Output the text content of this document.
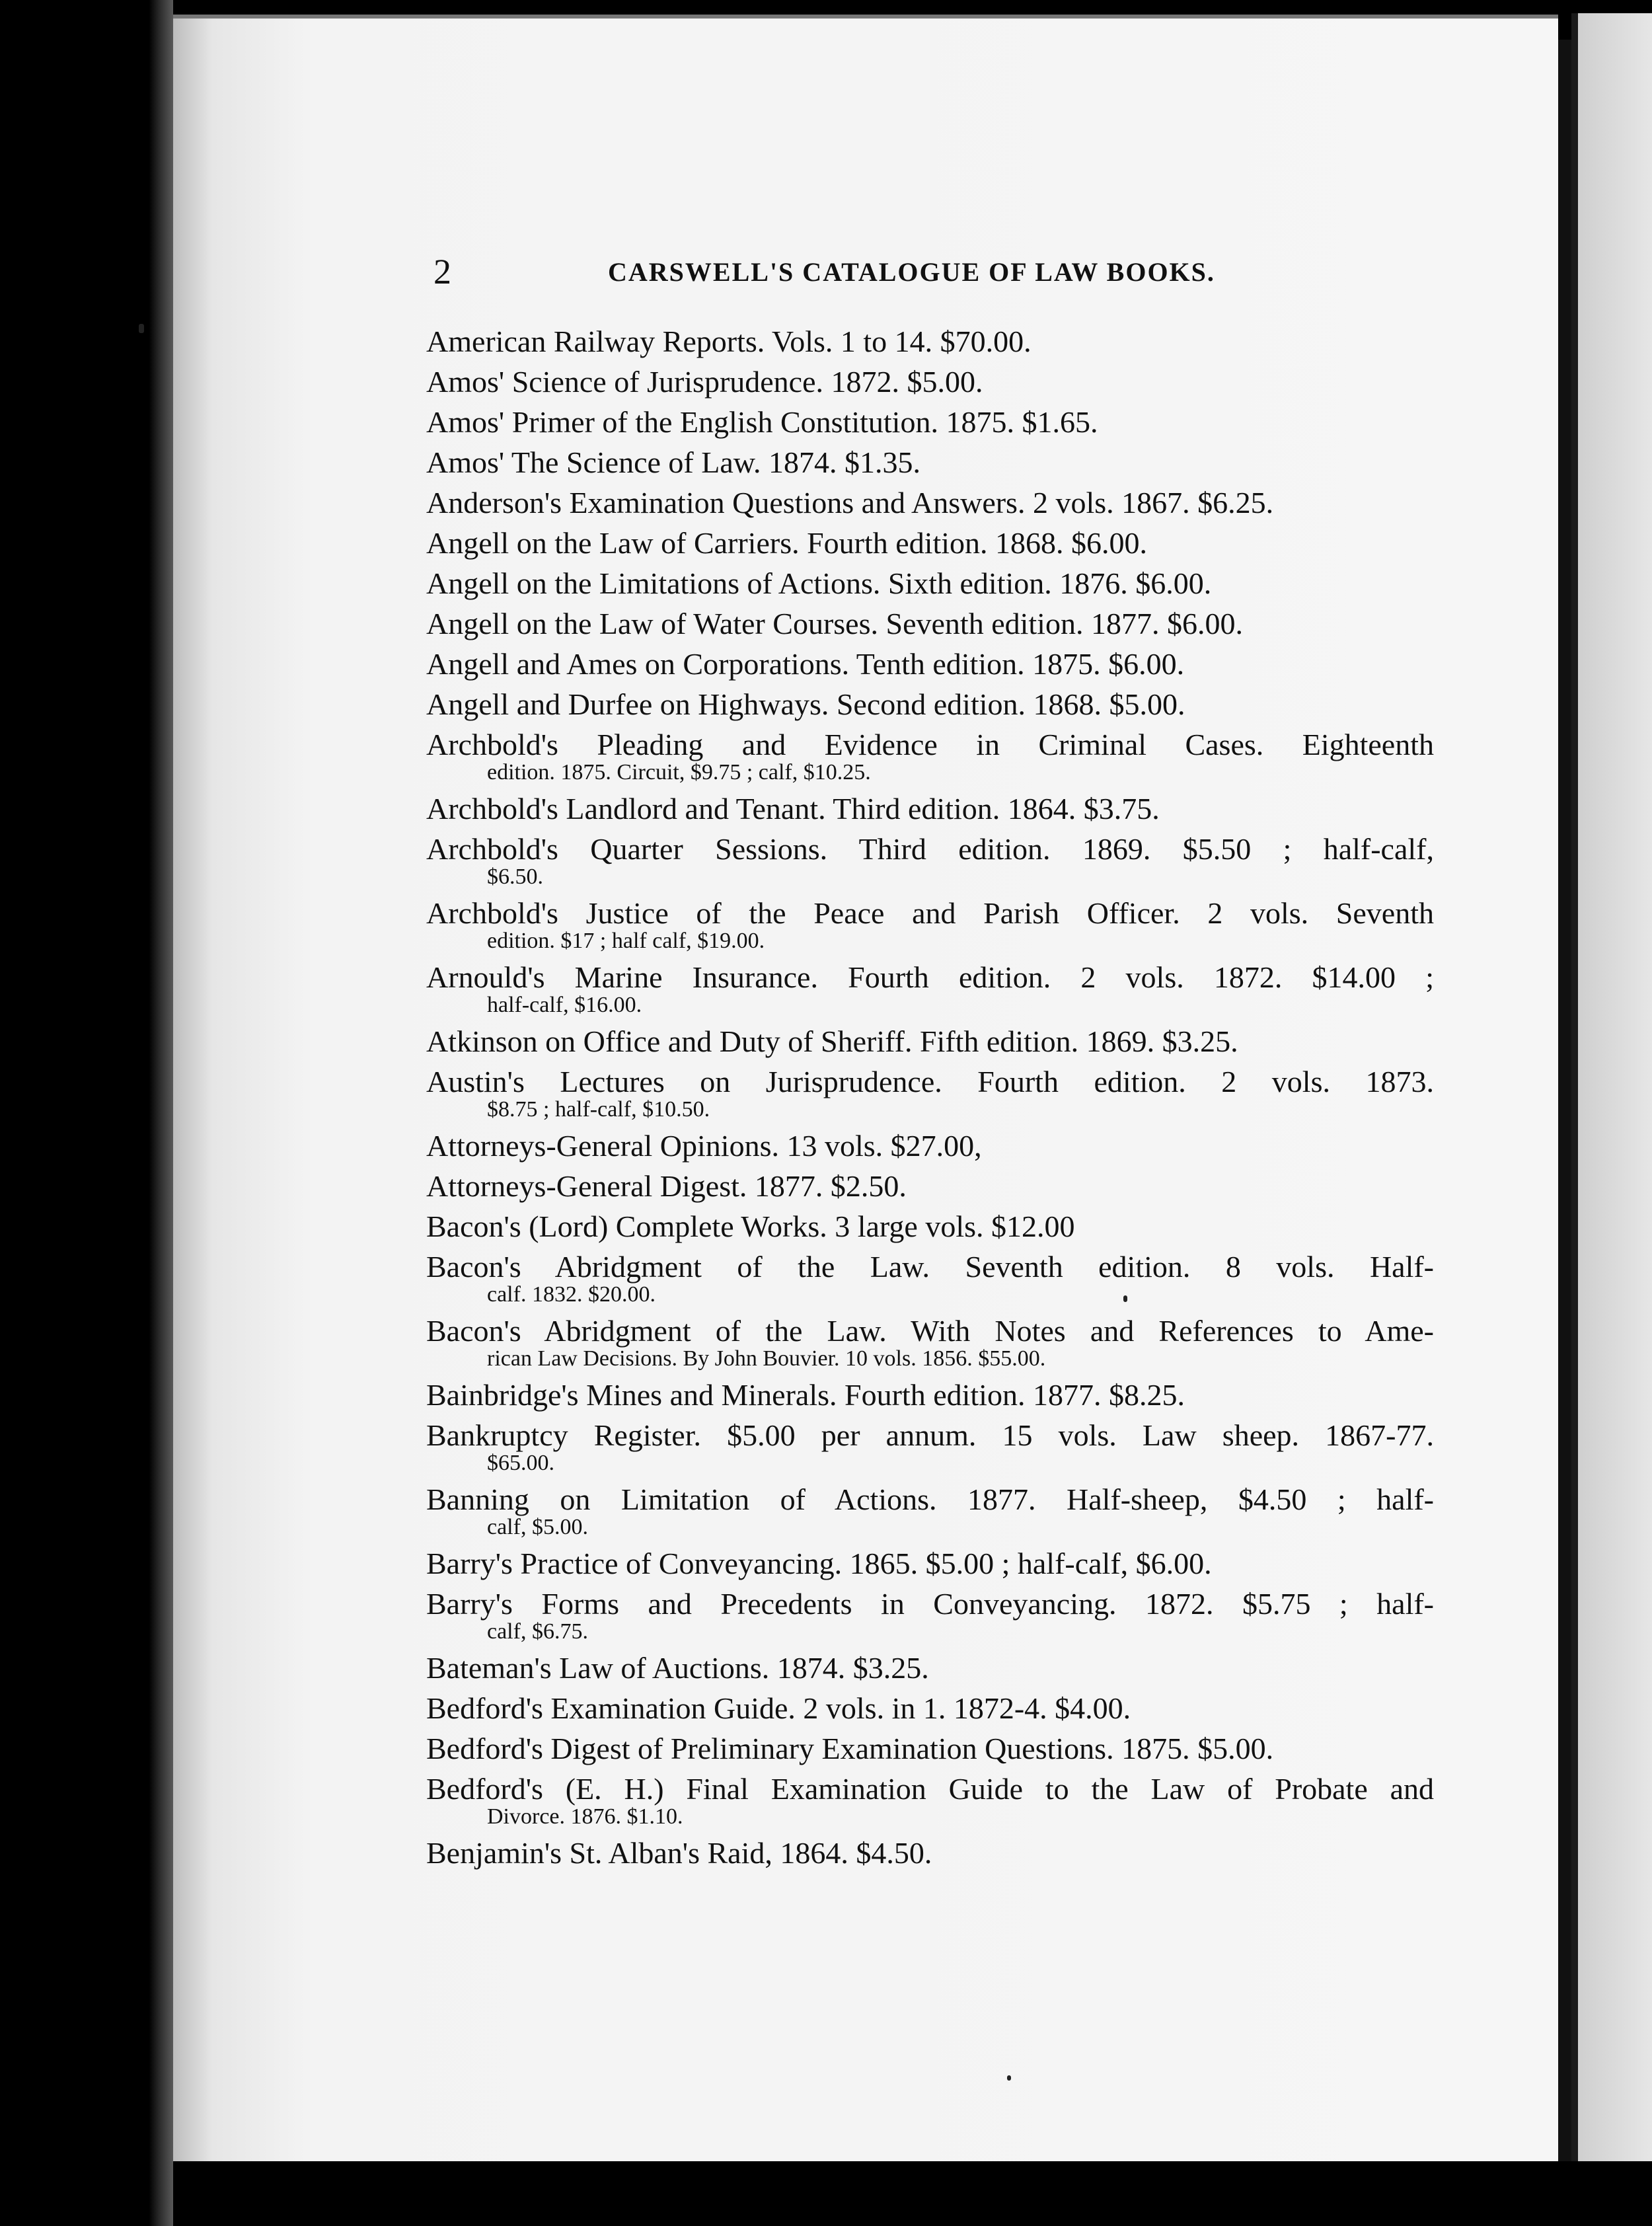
2	CARSWELL'S CATALOGUE OF LAW BOOKS.
American Railway Reports. Vols. 1 to 14. $70.00.
Amos' Science of Jurisprudence. 1872. $5.00.
Amos' Primer of the English Constitution. 1875. $1.65.
Amos' The Science of Law. 1874. $1.35.
Anderson's Examination Questions and Answers. 2 vols. 1867. $6.25.
Angell on the Law of Carriers. Fourth edition. 1868. $6.00.
Angell on the Limitations of Actions. Sixth edition. 1876. $6.00.
Angell on the Law of Water Courses. Seventh edition. 1877. $6.00.
Angell and Ames on Corporations. Tenth edition. 1875. $6.00.
Angell and Durfee on Highways. Second edition. 1868. $5.00.
Archbold's Pleading and Evidence in Criminal Cases. Eighteenth
edition. 1875. Circuit, $9.75 ; calf, $10.25.
Archbold's Landlord and Tenant. Third edition. 1864. $3.75.
Archbold's Quarter Sessions. Third edition. 1869. $5.50 ; half-calf,
$6.50.
Archbold's Justice of the Peace and Parish Officer. 2 vols. Seventh
edition. $17 ; half calf, $19.00.
Arnould's Marine Insurance. Fourth edition. 2 vols. 1872. $14.00 ;
half-calf, $16.00.
Atkinson on Office and Duty of Sheriff. Fifth edition. 1869. $3.25.
Austin's Lectures on Jurisprudence. Fourth edition. 2 vols. 1873.
$8.75 ; half-calf, $10.50.
Attorneys-General Opinions. 13 vols. $27.00,
Attorneys-General Digest. 1877. $2.50.
Bacon's (Lord) Complete Works. 3 large vols. $12.00
Bacon's Abridgment of the Law. Seventh edition. 8 vols. Half-
calf. 1832. $20.00.
Bacon's Abridgment of the Law. With Notes and References to Ame-
rican Law Decisions. By John Bouvier. 10 vols. 1856. $55.00.
Bainbridge's Mines and Minerals. Fourth edition. 1877. $8.25.
Bankruptcy Register. $5.00 per annum. 15 vols. Law sheep. 1867-77.
$65.00.
Banning on Limitation of Actions. 1877. Half-sheep, $4.50 ; half-
calf, $5.00.
Barry's Practice of Conveyancing. 1865. $5.00 ; half-calf, $6.00.
Barry's Forms and Precedents in Conveyancing. 1872. $5.75 ; half-
calf, $6.75.
Bateman's Law of Auctions. 1874. $3.25.
Bedford's Examination Guide. 2 vols. in 1. 1872-4. $4.00.
Bedford's Digest of Preliminary Examination Questions. 1875. $5.00.
Bedford's (E. H.) Final Examination Guide to the Law of Probate and
Divorce. 1876. $1.10.
Benjamin's St. Alban's Raid, 1864. $4.50.
